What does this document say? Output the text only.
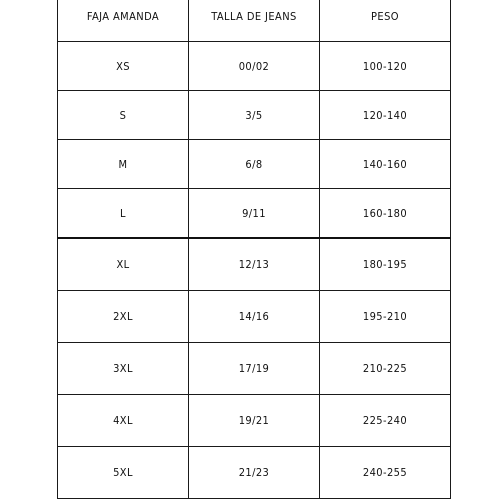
FAJA AMANDA	TALLA DE JEANS	PESO
XS	00/02	100-120
S	3/5	120-140
M	6/8	140-160
L	9/11	160-180
XL	12/13	180-195
2XL	14/16	195-210
3XL	17/19	210-225
4XL	19/21	225-240
5XL	21/23	240-255
